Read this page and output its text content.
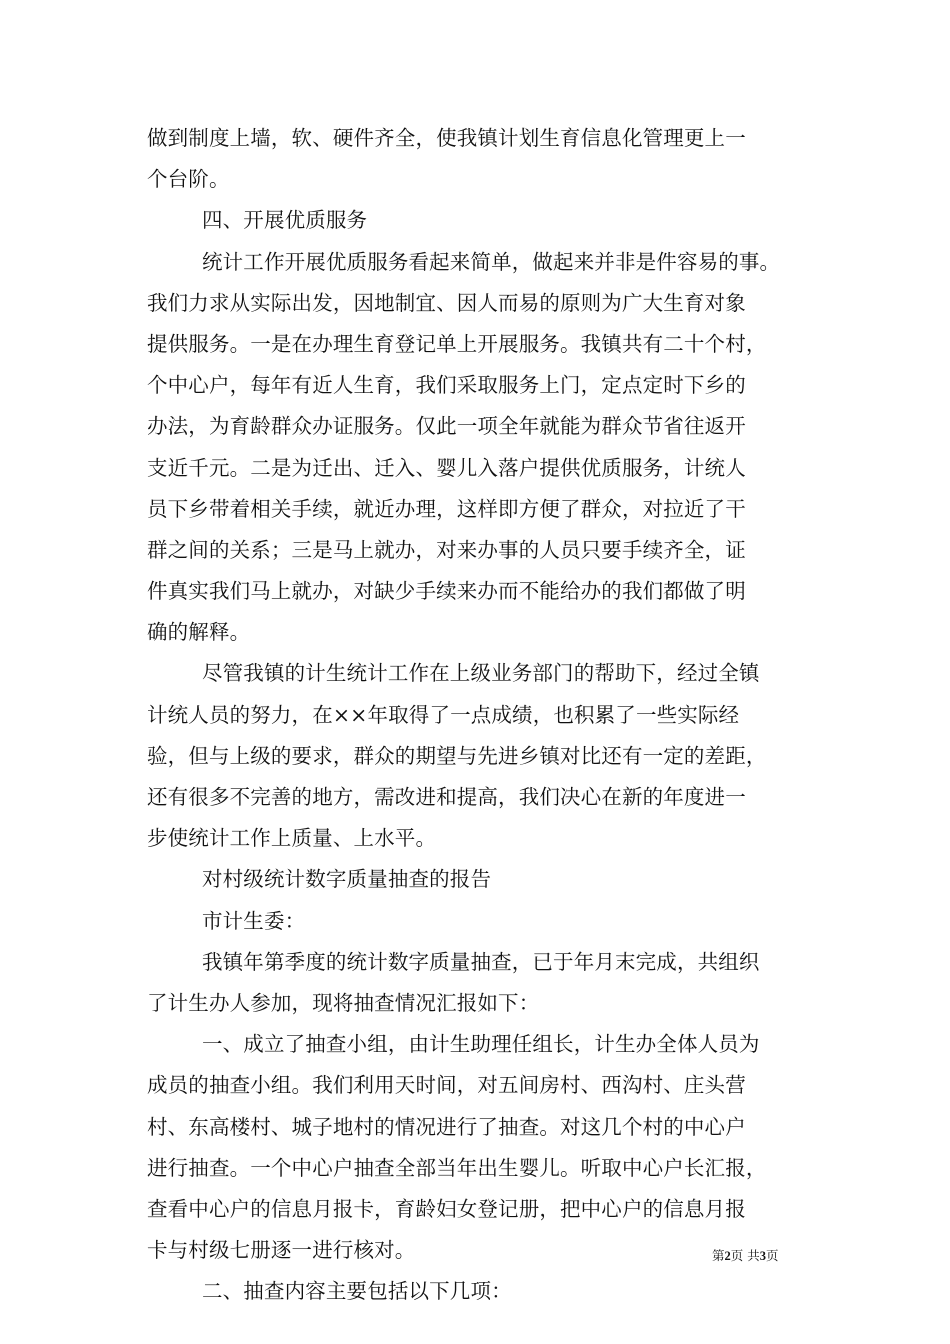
做到制度上墙，软、硬件齐全，使我镇计划生育信息化管理更上一
个台阶。
四、开展优质服务
统计工作开展优质服务看起来简单，做起来并非是件容易的事。
我们力求从实际出发，因地制宜、因人而易的原则为广大生育对象
提供服务。一是在办理生育登记单上开展服务。我镇共有二十个村，
个中心户，每年有近人生育，我们采取服务上门，定点定时下乡的
办法，为育龄群众办证服务。仅此一项全年就能为群众节省往返开
支近千元。二是为迁出、迁入、婴儿入落户提供优质服务，计统人
员下乡带着相关手续，就近办理，这样即方便了群众，对拉近了干
群之间的关系；三是马上就办，对来办事的人员只要手续齐全，证
件真实我们马上就办，对缺少手续来办而不能给办的我们都做了明
确的解释。
尽管我镇的计生统计工作在上级业务部门的帮助下，经过全镇
计统人员的努力，在××年取得了一点成绩，也积累了一些实际经
验，但与上级的要求，群众的期望与先进乡镇对比还有一定的差距，
还有很多不完善的地方，需改进和提高，我们决心在新的年度进一
步使统计工作上质量、上水平。
对村级统计数字质量抽查的报告
市计生委：
我镇年第季度的统计数字质量抽查，已于年月末完成，共组织
了计生办人参加，现将抽查情况汇报如下：
一、成立了抽查小组，由计生助理任组长，计生办全体人员为
成员的抽查小组。我们利用天时间，对五间房村、西沟村、庄头营
村、东高楼村、城子地村的情况进行了抽查。对这几个村的中心户
进行抽查。一个中心户抽查全部当年出生婴儿。听取中心户长汇报，
查看中心户的信息月报卡，育龄妇女登记册，把中心户的信息月报
卡与村级七册逐一进行核对。
二、抽查内容主要包括以下几项：
第2页 共3页
